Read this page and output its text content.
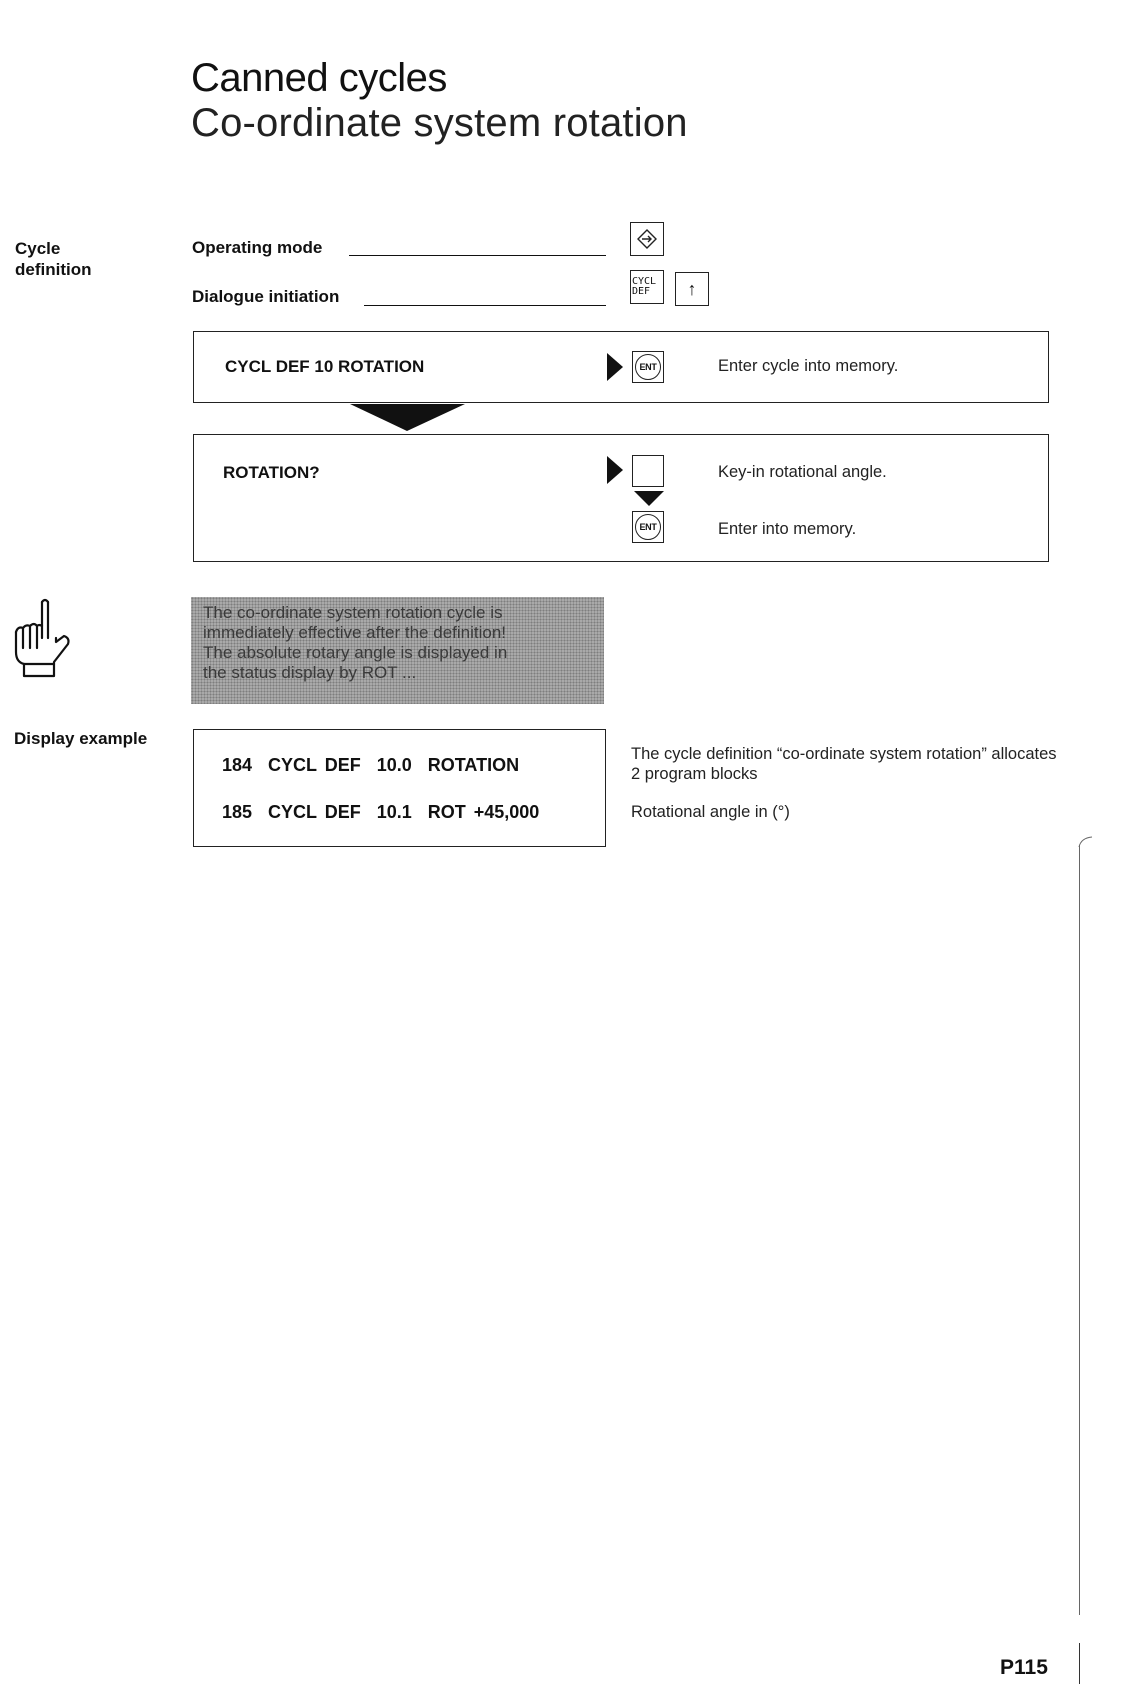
Canned cycles
Co-ordinate system rotation
Cycle
definition
Display example
Operating mode
Dialogue initiation
CYCL
DEF	↑
CYCL DEF 10 ROTATION	ENT	Enter cycle into memory.
ROTATION?
ENT
Key-in rotational angle.
Enter into memory.
The co-ordinate system rotation cycle is
immediately effective after the definition!
The absolute rotary angle is displayed in
the status display by ROT ...
184  CYCL DEF  10.0  ROTATION
185  CYCL DEF  10.1  ROT +45,000
The cycle definition “co-ordinate system rotation” allocates 2 program blocks
Rotational angle in (°)
P115
